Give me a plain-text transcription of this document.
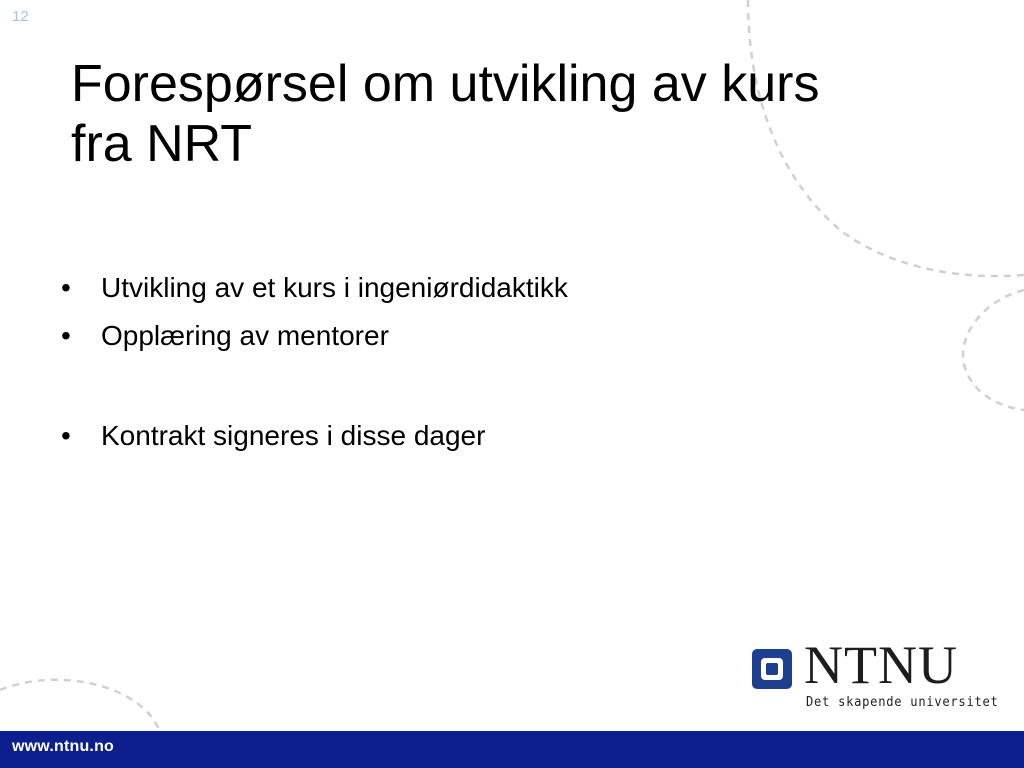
12
Forespørsel om utvikling av kurs fra NRT
•	Utvikling av et kurs i ingeniørdidaktikk
•	Opplæring av mentorer
•	Kontrakt signeres i disse dager
NTNU
Det skapende universitet
www.ntnu.no
